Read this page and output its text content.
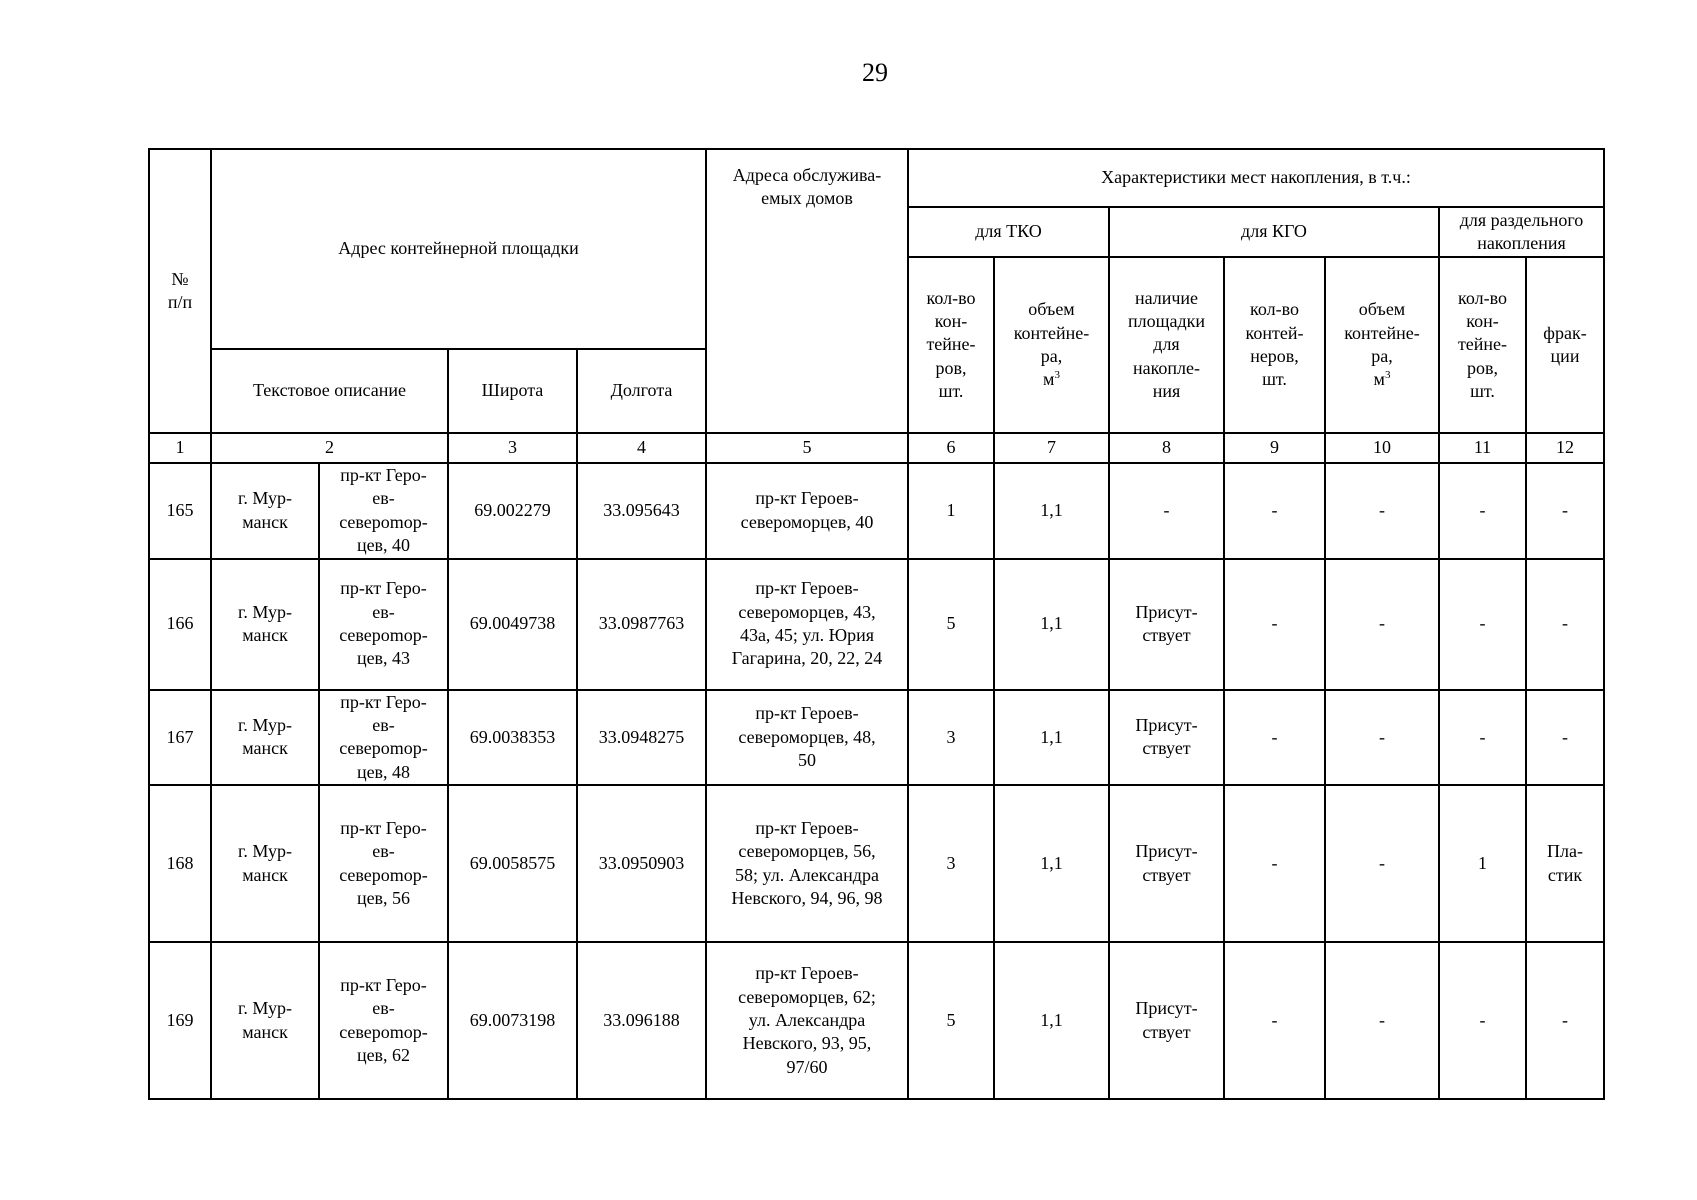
29
№
п/п	Адрес контейнерной площадки				Адреса обслужива-
емых домов	Характеристики мест накопления, в т.ч.:						
						для ТКО		для КГО			для раздельного
накопления	
						кол-во
кон-
тейне-
ров,
шт.	объем
контейне-
ра,
$м^3$	наличие
площадки
для
накопле-
ния	кол-во
контей-
неров,
шт.	объем
контейне-
ра,
$м^3$	кол-во
кон-
тейне-
ров,
шт.	фрак-
ции
	Текстовое описание		Широта	Долгота								
1	2		3	4	5	6	7	8	9	10	11	12
165	г. Мур-
манск	пр-кт Геро-
ев-
североmор-
цев, 40	69.002279	33.095643	пр-кт Героев-
североморцев, 40	1	1,1	-	-	-	-	-
166	г. Мур-
манск	пр-кт Геро-
ев-
североmор-
цев, 43	69.0049738	33.0987763	пр-кт Героев-
североморцев, 43,
43а, 45; ул. Юрия
Гагарина, 20, 22, 24	5	1,1	Присут-
ствует	-	-	-	-
167	г. Мур-
манск	пр-кт Геро-
ев-
североmор-
цев, 48	69.0038353	33.0948275	пр-кт Героев-
североморцев, 48,
50	3	1,1	Присут-
ствует	-	-	-	-
168	г. Мур-
манск	пр-кт Геро-
ев-
североmор-
цев, 56	69.0058575	33.0950903	пр-кт Героев-
североморцев, 56,
58; ул. Александра
Невского, 94, 96, 98	3	1,1	Присут-
ствует	-	-	1	Пла-
стик
169	г. Мур-
манск	пр-кт Геро-
ев-
североmор-
цев, 62	69.0073198	33.096188	пр-кт Героев-
североморцев, 62;
ул. Александра
Невского, 93, 95,
97/60	5	1,1	Присут-
ствует	-	-	-	-
